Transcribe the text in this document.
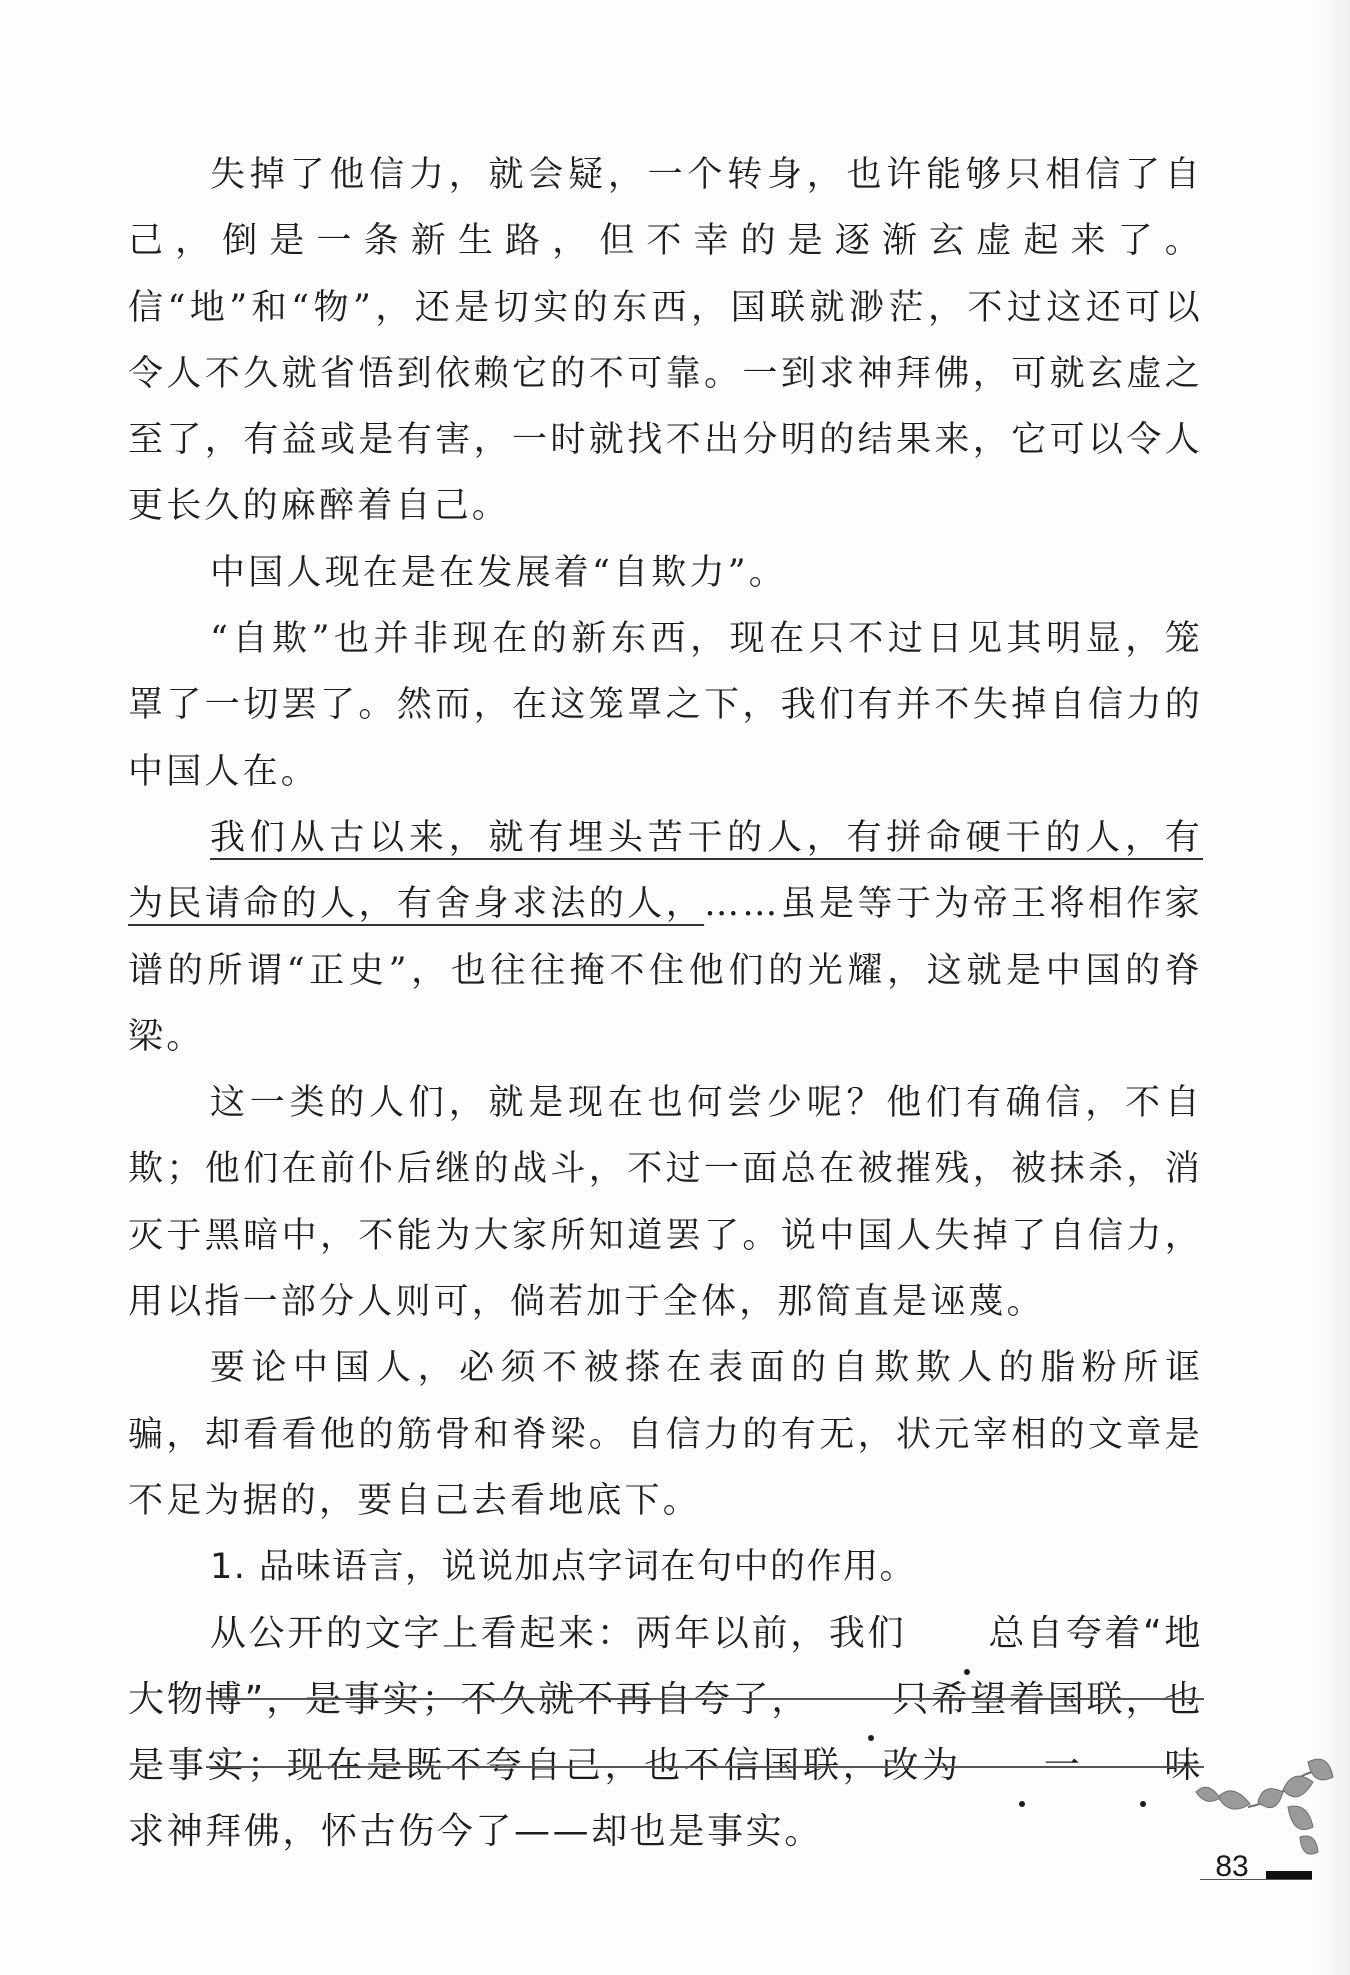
失掉了他信力，就会疑，一个转身，也许能够只相信了自己，倒是一条新生路，但不幸的是逐渐玄虚起来了。信“地”和“物”，还是切实的东西，国联就渺茫，不过这还可以令人不久就省悟到依赖它的不可靠。一到求神拜佛，可就玄虚之至了，有益或是有害，一时就找不出分明的结果来，它可以令人更长久的麻醉着自己。

中国人现在是在发展着“自欺力”。

“自欺”也并非现在的新东西，现在只不过日见其明显，笼罩了一切罢了。然而，在这笼罩之下，我们有并不失掉自信力的中国人在。

我们从古以来，就有埋头苦干的人，有拼命硬干的人，有为民请命的人，有舍身求法的人，……虽是等于为帝王将相作家谱的所谓“正史”，也往往掩不住他们的光耀，这就是中国的脊梁。

这一类的人们，就是现在也何尝少呢？他们有确信，不自欺；他们在前仆后继的战斗，不过一面总在被摧残，被抹杀，消灭于黑暗中，不能为大家所知道罢了。说中国人失掉了自信力，用以指一部分人则可，倘若加于全体，那简直是诬蔑。

要论中国人，必须不被搽在表面的自欺欺人的脂粉所诓骗，却看看他的筋骨和脊梁。自信力的有无，状元宰相的文章是不足为据的，要自己去看地底下。

1. 品味语言，说说加点字词在句中的作用。

从公开的文字上看起来：两年以前，我们 总自夸着“地大物博”，是事实；不久就不再自夸了， 只希望着国联，也是事实；现在是既不夸自己，也不信国联，改为 一 味求神拜佛，怀古伤今了——却也是事实。

83
